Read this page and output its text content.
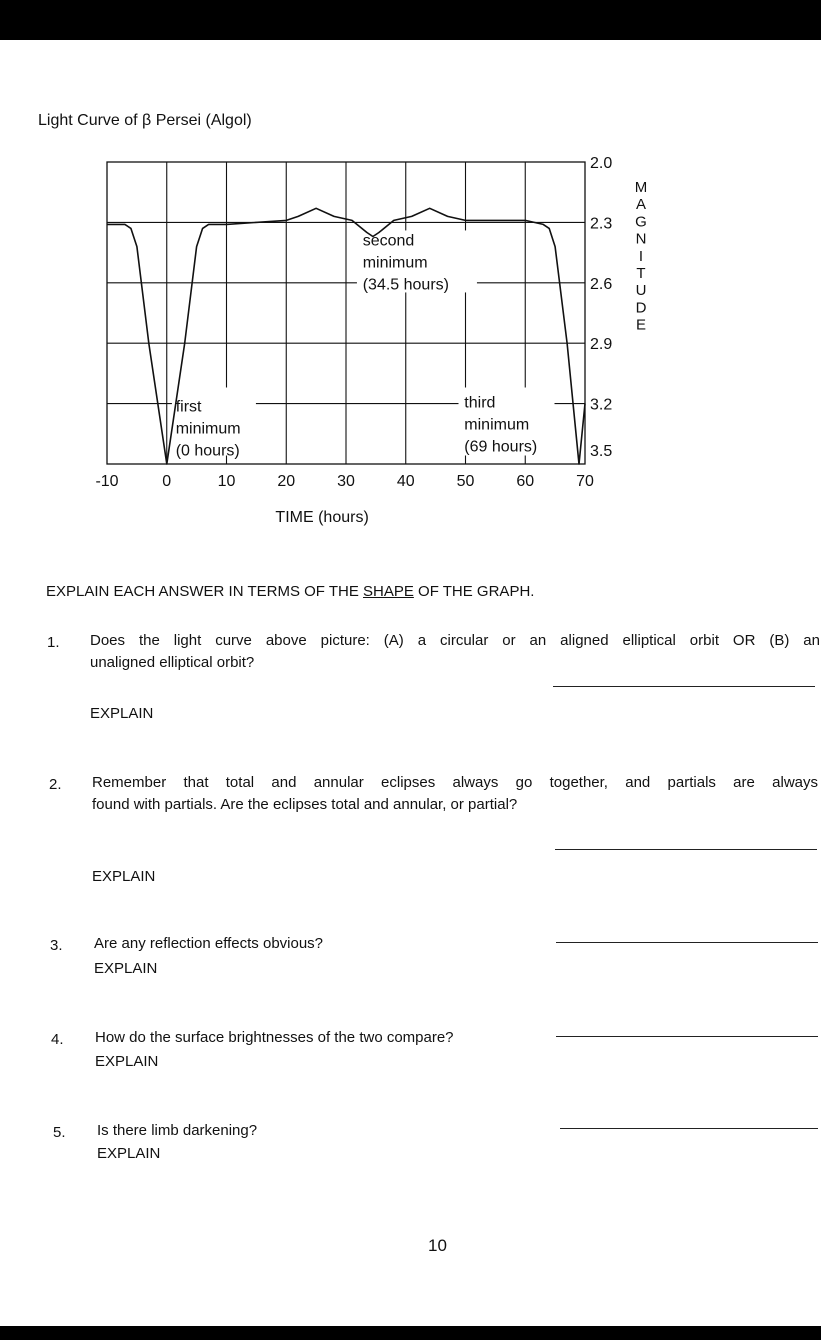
Light Curve of β Persei (Algol)
-10	0	10	20	30	40	50	60	70
2.0
2.3
2.6
2.9
3.2
3.5
M
A
G
N
I
T
U
D
E
TIME (hours)
first
minimum
(0 hours)
second
minimum
(34.5 hours)
third
minimum
(69 hours)
EXPLAIN EACH ANSWER IN TERMS OF THE SHAPE OF THE GRAPH.
1. Does the light curve above picture: (A) a circular or an aligned elliptical orbit OR (B) an
unaligned elliptical orbit?
EXPLAIN
2. Remember that total and annular eclipses always go together, and partials are always
found with partials. Are the eclipses total and annular, or partial?
EXPLAIN
3. Are any reflection effects obvious?
EXPLAIN
4. How do the surface brightnesses of the two compare?
EXPLAIN
5. Is there limb darkening?
EXPLAIN
10
